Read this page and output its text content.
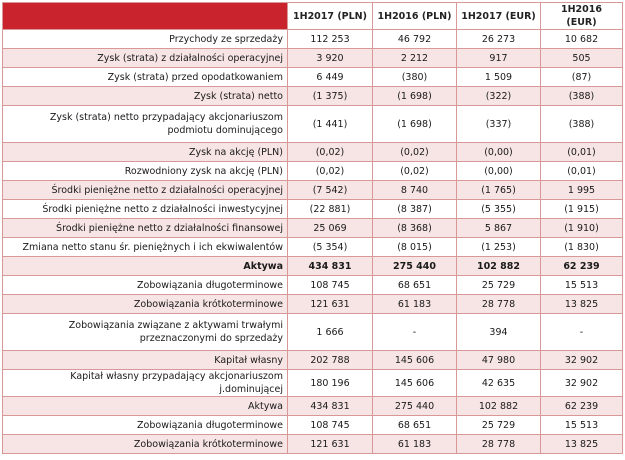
	1H2017 (PLN)	1H2016 (PLN)	1H2017 (EUR)	1H2016 (EUR)
Przychody ze sprzedaży	112 253	46 792	26 273	10 682
Zysk (strata) z działalności operacyjnej	3 920	2 212	917	505
Zysk (strata) przed opodatkowaniem	6 449	(380)	1 509	(87)
Zysk (strata) netto	(1 375)	(1 698)	(322)	(388)
Zysk (strata) netto przypadający akcjonariuszom podmiotu dominującego	(1 441)	(1 698)	(337)	(388)
Zysk na akcję (PLN)	(0,02)	(0,02)	(0,00)	(0,01)
Rozwodniony zysk na akcję (PLN)	(0,02)	(0,02)	(0,00)	(0,01)
Środki pieniężne netto z działalności operacyjnej	(7 542)	8 740	(1 765)	1 995
Środki pieniężne netto z działalności inwestycyjnej	(22 881)	(8 387)	(5 355)	(1 915)
Środki pieniężne netto z działalności finansowej	25 069	(8 368)	5 867	(1 910)
Zmiana netto stanu śr. pieniężnych i ich ekwiwalentów	(5 354)	(8 015)	(1 253)	(1 830)
Aktywa	434 831	275 440	102 882	62 239
Zobowiązania długoterminowe	108 745	68 651	25 729	15 513
Zobowiązania krótkoterminowe	121 631	61 183	28 778	13 825
Zobowiązania związane z aktywami trwałymi przeznaczonymi do sprzedaży	1 666	-	394	-
Kapitał własny	202 788	145 606	47 980	32 902
Kapitał własny przypadający akcjonariuszom j.dominującej	180 196	145 606	42 635	32 902
Aktywa	434 831	275 440	102 882	62 239
Zobowiązania długoterminowe	108 745	68 651	25 729	15 513
Zobowiązania krótkoterminowe	121 631	61 183	28 778	13 825
